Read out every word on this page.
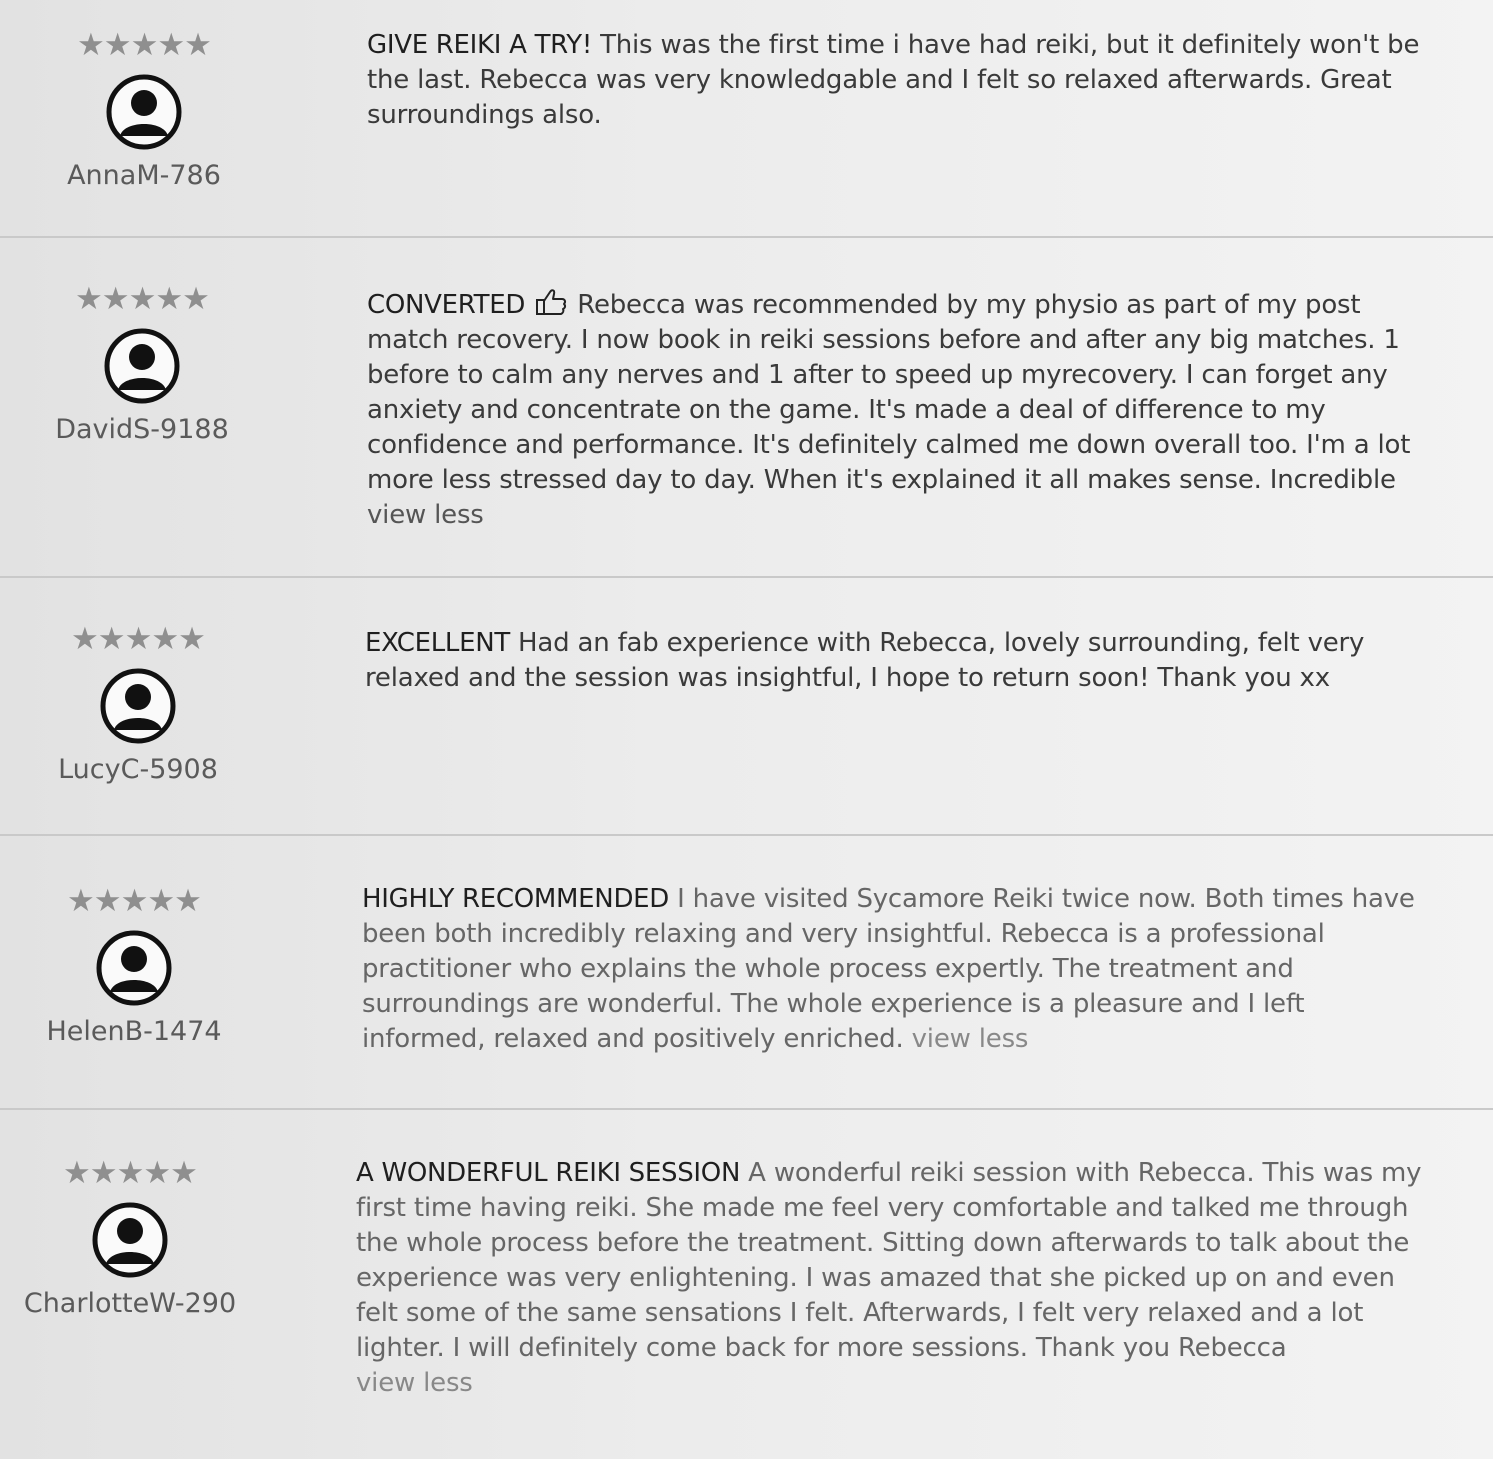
★★★★★
AnnaM-786
GIVE REIKI A TRY! This was the first time i have had reiki, but it definitely won't be the last. Rebecca was very knowledgable and I felt so relaxed afterwards. Great surroundings also.
★★★★★
DavidS-9188
CONVERTED Rebecca was recommended by my physio as part of my post match recovery. I now book in reiki sessions before and after any big matches. 1 before to calm any nerves and 1 after to speed up myrecovery. I can forget any anxiety and concentrate on the game. It's made a deal of difference to my confidence and performance. It's definitely calmed me down overall too. I'm a lot more less stressed day to day. When it's explained it all makes sense. Incredible
view less
★★★★★
LucyC-5908
EXCELLENT Had an fab experience with Rebecca, lovely surrounding, felt very relaxed and the session was insightful, I hope to return soon! Thank you xx
★★★★★
HelenB-1474
HIGHLY RECOMMENDED I have visited Sycamore Reiki twice now. Both times have been both incredibly relaxing and very insightful. Rebecca is a professional practitioner who explains the whole process expertly. The treatment and surroundings are wonderful. The whole experience is a pleasure and I left informed, relaxed and positively enriched. view less
★★★★★
CharlotteW-290
A WONDERFUL REIKI SESSION A wonderful reiki session with Rebecca. This was my first time having reiki. She made me feel very comfortable and talked me through the whole process before the treatment. Sitting down afterwards to talk about the experience was very enlightening. I was amazed that she picked up on and even felt some of the same sensations I felt. Afterwards, I felt very relaxed and a lot lighter. I will definitely come back for more sessions. Thank you Rebecca
view less
